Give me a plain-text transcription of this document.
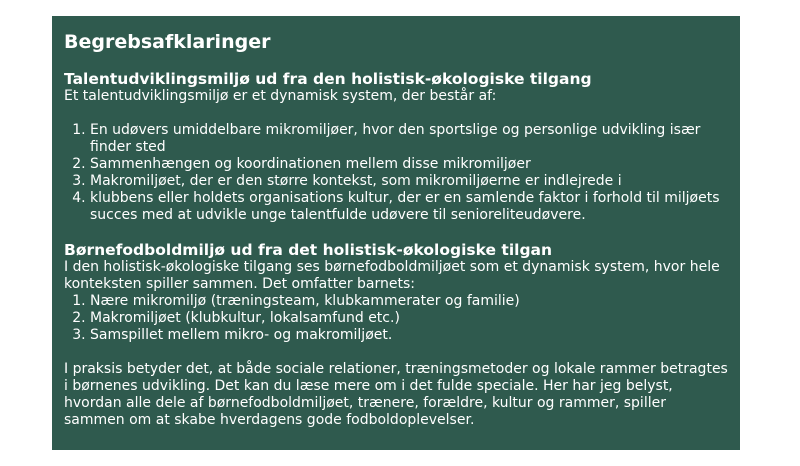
Begrebsafklaringer
Talentudviklingsmiljø ud fra den holistisk-økologiske tilgang

Et talentudviklingsmiljø er et dynamisk system, der består af:

1. En udøvers umiddelbare mikromiljøer, hvor den sportslige og personlige udvikling især finder sted
2. Sammenhængen og koordinationen mellem disse mikromiljøer
3. Makromiljøet, der er den større kontekst, som mikromiljøerne er indlejrede i
4. klubbens eller holdets organisations kultur, der er en samlende faktor i forhold til miljøets succes med at udvikle unge talentfulde udøvere til senioreliteudøvere.
Børnefodboldmiljø ud fra det holistisk-økologiske tilgan

I den holistisk-økologiske tilgang ses børnefodboldmiljøet som et dynamisk system, hvor hele konteksten spiller sammen. Det omfatter barnets:

1. Nære mikromiljø (træningsteam, klubkammerater og familie)
2. Makromiljøet (klubkultur, lokalsamfund etc.)
3. Samspillet mellem mikro- og makromiljøet.

I praksis betyder det, at både sociale relationer, træningsmetoder og lokale rammer betragtes i børnenes udvikling. Det kan du læse mere om i det fulde speciale. Her har jeg belyst, hvordan alle dele af børnefodboldmiljøet, trænere, forældre, kultur og rammer, spiller sammen om at skabe hverdagens gode fodboldoplevelser.
